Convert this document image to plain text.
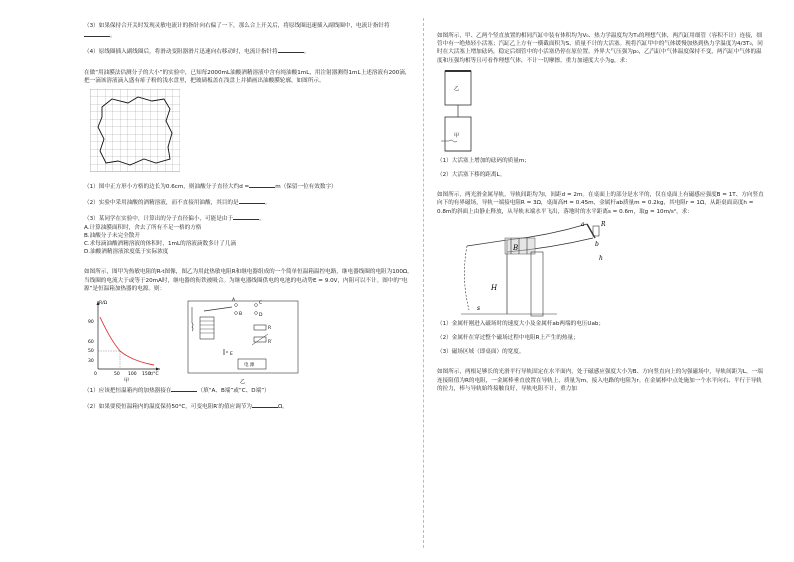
（3）如果保持合开关时发现灵敏电流计的指针向右偏了一下，那么合上开关后，将原线圈迅速插入副线圈中，电流计指针将。

（4）原线圈插入副线圈后，将滑动变阻器滑片迅速向右移动时，电流计指针将	。

在做“用油膜法估测分子的大小”的实验中，已知每2000mL油酸酒精溶液中含有纯油酸1mL，用注射器测得1mL上述溶液有200滴，把一滴该溶液滴入盛有痱子粉的浅水盘里，把玻璃板盖在浅盘上并描画出油酸膜轮廓，如图所示。

（1）图中正方形小方格的边长为0.6cm，则油酸分子直径大约d =	m（保留一位有效数字）

（2）实验中采用油酸的酒精溶液，而不直接用油酸，其目的是	。

（3）某同学在实验中，计算出的分子直径偏小，可能是由于	。

A.计算油膜面积时，舍去了所有不足一格的方格

B.油酸分子未完全散开

C.求每滴油酸酒精溶液的体积时，1mL的溶液滴数多计了几滴

D.油酸酒精溶液浓度低于实际浓度

如图所示，图甲为热敏电阻的R-t图像，图乙为用此热敏电阻R和继电器组成的一个简单恒温箱温控电路，继电器线圈的电阻为100Ω。当线圈的电流大于或等于20mA时，继电器的衔铁被吸合。为继电器线圈供电的电池的电动势E = 9.0V，内阻可以不计。图中的“电源”是恒温箱加热器的电源。则：

R/Ω
t/°C
90
60
50
30
0	50 100 150
甲
A
B
C
D
R
R′
E
电 源
乙

（1）应该把恒温箱内的加热器接在	（填“A、B端”或“C、D端”）

（2）如果要使恒温箱内的温度保持50°C，可变电阻R′的值应调节为	Ω。

如图所示，甲、乙两个竖直放置的相同汽缸中装有体积均为V₀、热力学温度均为T₀的理想气体，两汽缸用细管（容积不计）连接，细管中有一绝热轻小活塞；汽缸乙上方有一横截面积为S、质量不计的大活塞。现将汽缸甲中的气体缓慢加热到热力学温度为4/3T₀，同时在大活塞上增加砝码，稳定后细管中的小活塞仍停在原位置。外界大气压强为p₀，乙汽缸中气体温度保持不变，两汽缸中气体的温度和压强均相等且可看作理想气体，不计一切摩擦，重力加速度大小为g，求：

乙
甲

（1）大活塞上增加的砝码的质量m；

（2）大活塞下移的距离L。

如图所示，两光滑金属导轨，导轨间距均为l，间距d = 2m。在桌面上的部分是水平的，仅在桌面上有磁感应强度B = 1T、方向竖直向下的有界磁场，导轨一端接电阻R = 3Ω，桌面高H = 0.45m，金属杆ab质量m = 0.2kg，其电阻r = 1Ω，从距桌面高度h = 0.8m的斜面上由静止释放，从导轨末端水平飞出，落地时的水平距离s = 0.6m，取g = 10m/s²，求：

a	R
b
B
h
H
s

（1）金属杆刚进入磁场时的速度大小及金属杆ab两端的电压Uab；

（2）金属杆在穿过整个磁场过程中电阻R上产生的热量；

（3）磁场区域（即桌面）的宽度。

如图所示，两根足够长的光滑平行导轨固定在水平面内，处于磁感应强度大小为B、方向竖直向上的匀强磁场中，导轨间距为L，一端连接阻值为R的电阻，一金属棒垂直放置在导轨上，质量为m，接入电路的电阻为r。在金属棒中点处施加一个水平向右、平行于导轨的拉力，棒与导轨始终接触良好，导轨电阻不计，重力加
